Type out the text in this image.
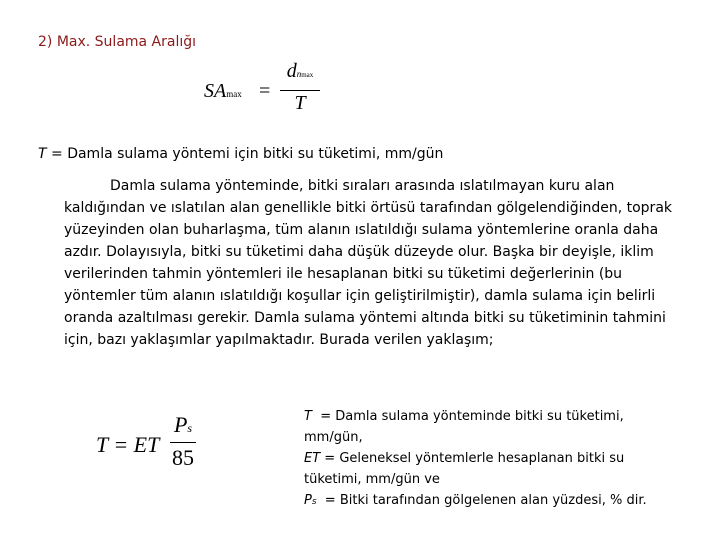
2) Max. Sulama Aralığı
SAmax =
dnmax
T
T = Damla sulama yöntemi için bitki su tüketimi, mm/gün
Damla sulama yönteminde, bitki sıraları arasında ıslatılmayan kuru alan kaldığından ve ıslatılan alan genellikle bitki örtüsü tarafından gölgelendiğinden, toprak yüzeyinden olan buharlaşma, tüm alanın ıslatıldığı sulama yöntemlerine oranla daha azdır. Dolayısıyla, bitki su tüketimi daha düşük düzeyde olur. Başka bir deyişle, iklim verilerinden tahmin yöntemleri ile hesaplanan bitki su tüketimi değerlerinin (bu yöntemler tüm alanın ıslatıldığı koşullar için geliştirilmiştir), damla sulama için belirli oranda azaltılması gerekir. Damla sulama yöntemi altında bitki su tüketiminin tahmini için, bazı yaklaşımlar yapılmaktadır. Burada verilen yaklaşım;
T = ET
Ps
85
T  = Damla sulama yönteminde bitki su tüketimi,
mm/gün,
ET = Geleneksel yöntemlerle hesaplanan bitki su
tüketimi, mm/gün ve
Ps  = Bitki tarafından gölgelenen alan yüzdesi, % dir.
